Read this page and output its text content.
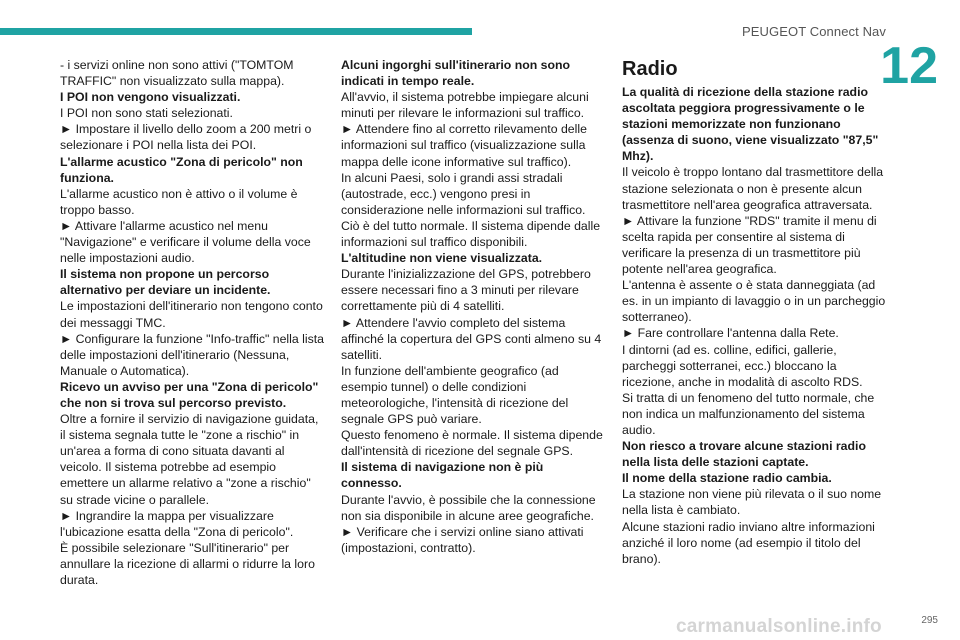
PEUGEOT Connect Nav
12

- i servizi online non sono attivi ("TOMTOM TRAFFIC" non visualizzato sulla mappa).

I POI non vengono visualizzati.

I POI non sono stati selezionati.

► Impostare il livello dello zoom a 200 metri o selezionare i POI nella lista dei POI.

L'allarme acustico "Zona di pericolo" non funziona.

L'allarme acustico non è attivo o il volume è troppo basso.

► Attivare l'allarme acustico nel menu "Navigazione" e verificare il volume della voce nelle impostazioni audio.

Il sistema non propone un percorso alternativo per deviare un incidente.

Le impostazioni dell'itinerario non tengono conto dei messaggi TMC.

► Configurare la funzione "Info-traffic" nella lista delle impostazioni dell'itinerario (Nessuna, Manuale o Automatica).

Ricevo un avviso per una "Zona di pericolo" che non si trova sul percorso previsto.

Oltre a fornire il servizio di navigazione guidata, il sistema segnala tutte le "zone a rischio" in un'area a forma di cono situata davanti al veicolo. Il sistema potrebbe ad esempio emettere un allarme relativo a "zone a rischio" su strade vicine o parallele.

► Ingrandire la mappa per visualizzare l'ubicazione esatta della "Zona di pericolo".

È possibile selezionare "Sull'itinerario" per annullare la ricezione di allarmi o ridurre la loro durata.

Alcuni ingorghi sull'itinerario non sono indicati in tempo reale.

All'avvio, il sistema potrebbe impiegare alcuni minuti per rilevare le informazioni sul traffico.

► Attendere fino al corretto rilevamento delle informazioni sul traffico (visualizzazione sulla mappa delle icone informative sul traffico).

In alcuni Paesi, solo i grandi assi stradali (autostrade, ecc.) vengono presi in considerazione nelle informazioni sul traffico.

Ciò è del tutto normale. Il sistema dipende dalle informazioni sul traffico disponibili.

L'altitudine non viene visualizzata.

Durante l'inizializzazione del GPS, potrebbero essere necessari fino a 3 minuti per rilevare correttamente più di 4 satelliti.

► Attendere l'avvio completo del sistema affinché la copertura del GPS conti almeno su 4 satelliti.

In funzione dell'ambiente geografico (ad esempio tunnel) o delle condizioni meteorologiche, l'intensità di ricezione del segnale GPS può variare.

Questo fenomeno è normale. Il sistema dipende dall'intensità di ricezione del segnale GPS.

Il sistema di navigazione non è più connesso.

Durante l'avvio, è possibile che la connessione non sia disponibile in alcune aree geografiche.

► Verificare che i servizi online siano attivati (impostazioni, contratto).

Radio

La qualità di ricezione della stazione radio ascoltata peggiora progressivamente o le stazioni memorizzate non funzionano (assenza di suono, viene visualizzato "87,5" Mhz).

Il veicolo è troppo lontano dal trasmettitore della stazione selezionata o non è presente alcun trasmettitore nell'area geografica attraversata.

► Attivare la funzione "RDS" tramite il menu di scelta rapida per consentire al sistema di verificare la presenza di un trasmettitore più potente nell'area geografica.

L'antenna è assente o è stata danneggiata (ad es. in un impianto di lavaggio o in un parcheggio sotterraneo).

► Fare controllare l'antenna dalla Rete.

I dintorni (ad es. colline, edifici, gallerie, parcheggi sotterranei, ecc.) bloccano la ricezione, anche in modalità di ascolto RDS.

Si tratta di un fenomeno del tutto normale, che non indica un malfunzionamento del sistema audio.

Non riesco a trovare alcune stazioni radio nella lista delle stazioni captate.

Il nome della stazione radio cambia.

La stazione non viene più rilevata o il suo nome nella lista è cambiato.

Alcune stazioni radio inviano altre informazioni anziché il loro nome (ad esempio il titolo del brano).

295
carmanualsonline.info
